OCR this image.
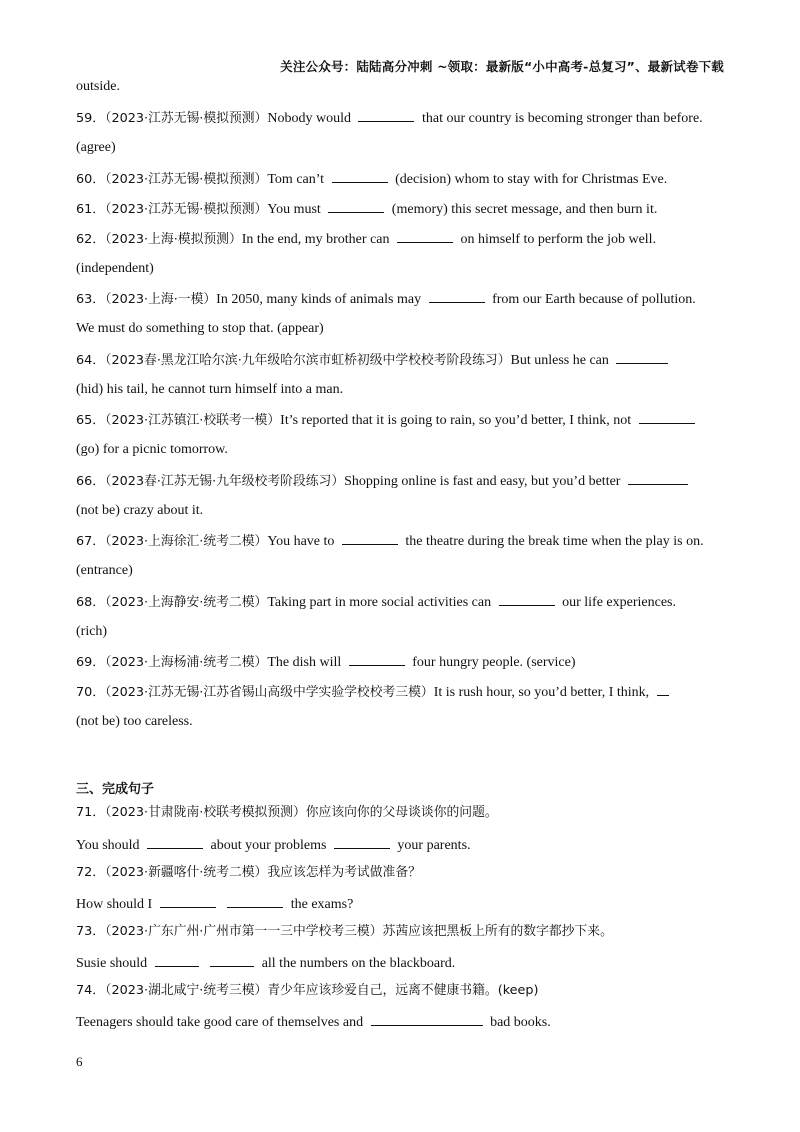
关注公众号：陆陆高分冲刺 ~领取：最新版“小中高考-总复习”、最新试卷下载
outside.
59．（2023·江苏无锡·模拟预测）Nobody would	that our country is becoming stronger than before.
(agree)
60．（2023·江苏无锡·模拟预测）Tom can’t	(decision) whom to stay with for Christmas Eve.
61．（2023·江苏无锡·模拟预测）You must	(memory) this secret message, and then burn it.
62．（2023·上海·模拟预测）In the end, my brother can	on himself to perform the job well.
(independent)
63．（2023·上海·一模）In 2050, many kinds of animals may	from our Earth because of pollution.
We must do something to stop that. (appear)
64．（2023春·黑龙江哈尔滨·九年级哈尔滨市虹桥初级中学校校考阶段练习）But unless he can
(hid) his tail, he cannot turn himself into a man.
65．（2023·江苏镇江·校联考一模）It’s reported that it is going to rain, so you’d better, I think, not
(go) for a picnic tomorrow.
66．（2023春·江苏无锡·九年级校考阶段练习）Shopping online is fast and easy, but you’d better
(not be) crazy about it.
67．（2023·上海徐汇·统考二模）You have to	the theatre during the break time when the play is on.
(entrance)
68．（2023·上海静安·统考二模）Taking part in more social activities can	our life experiences.
(rich)
69．（2023·上海杨浦·统考二模）The dish will	four hungry people. (service)
70．（2023·江苏无锡·江苏省锡山高级中学实验学校校考三模）It is rush hour, so you’d better, I think,
(not be) too careless.
三、完成句子
71．（2023·甘肃陇南·校联考模拟预测）你应该向你的父母谈谈你的问题。
You should	about your problems	your parents.
72．（2023·新疆喀什·统考二模）我应该怎样为考试做准备？
How should I	the exams?
73．（2023·广东广州·广州市第一一三中学校考三模）苏茜应该把黑板上所有的数字都抄下来。
Susie should	all the numbers on the blackboard.
74．（2023·湖北咸宁·统考三模）青少年应该珍爱自己，远离不健康书籍。(keep)
Teenagers should take good care of themselves and	bad books.
6
